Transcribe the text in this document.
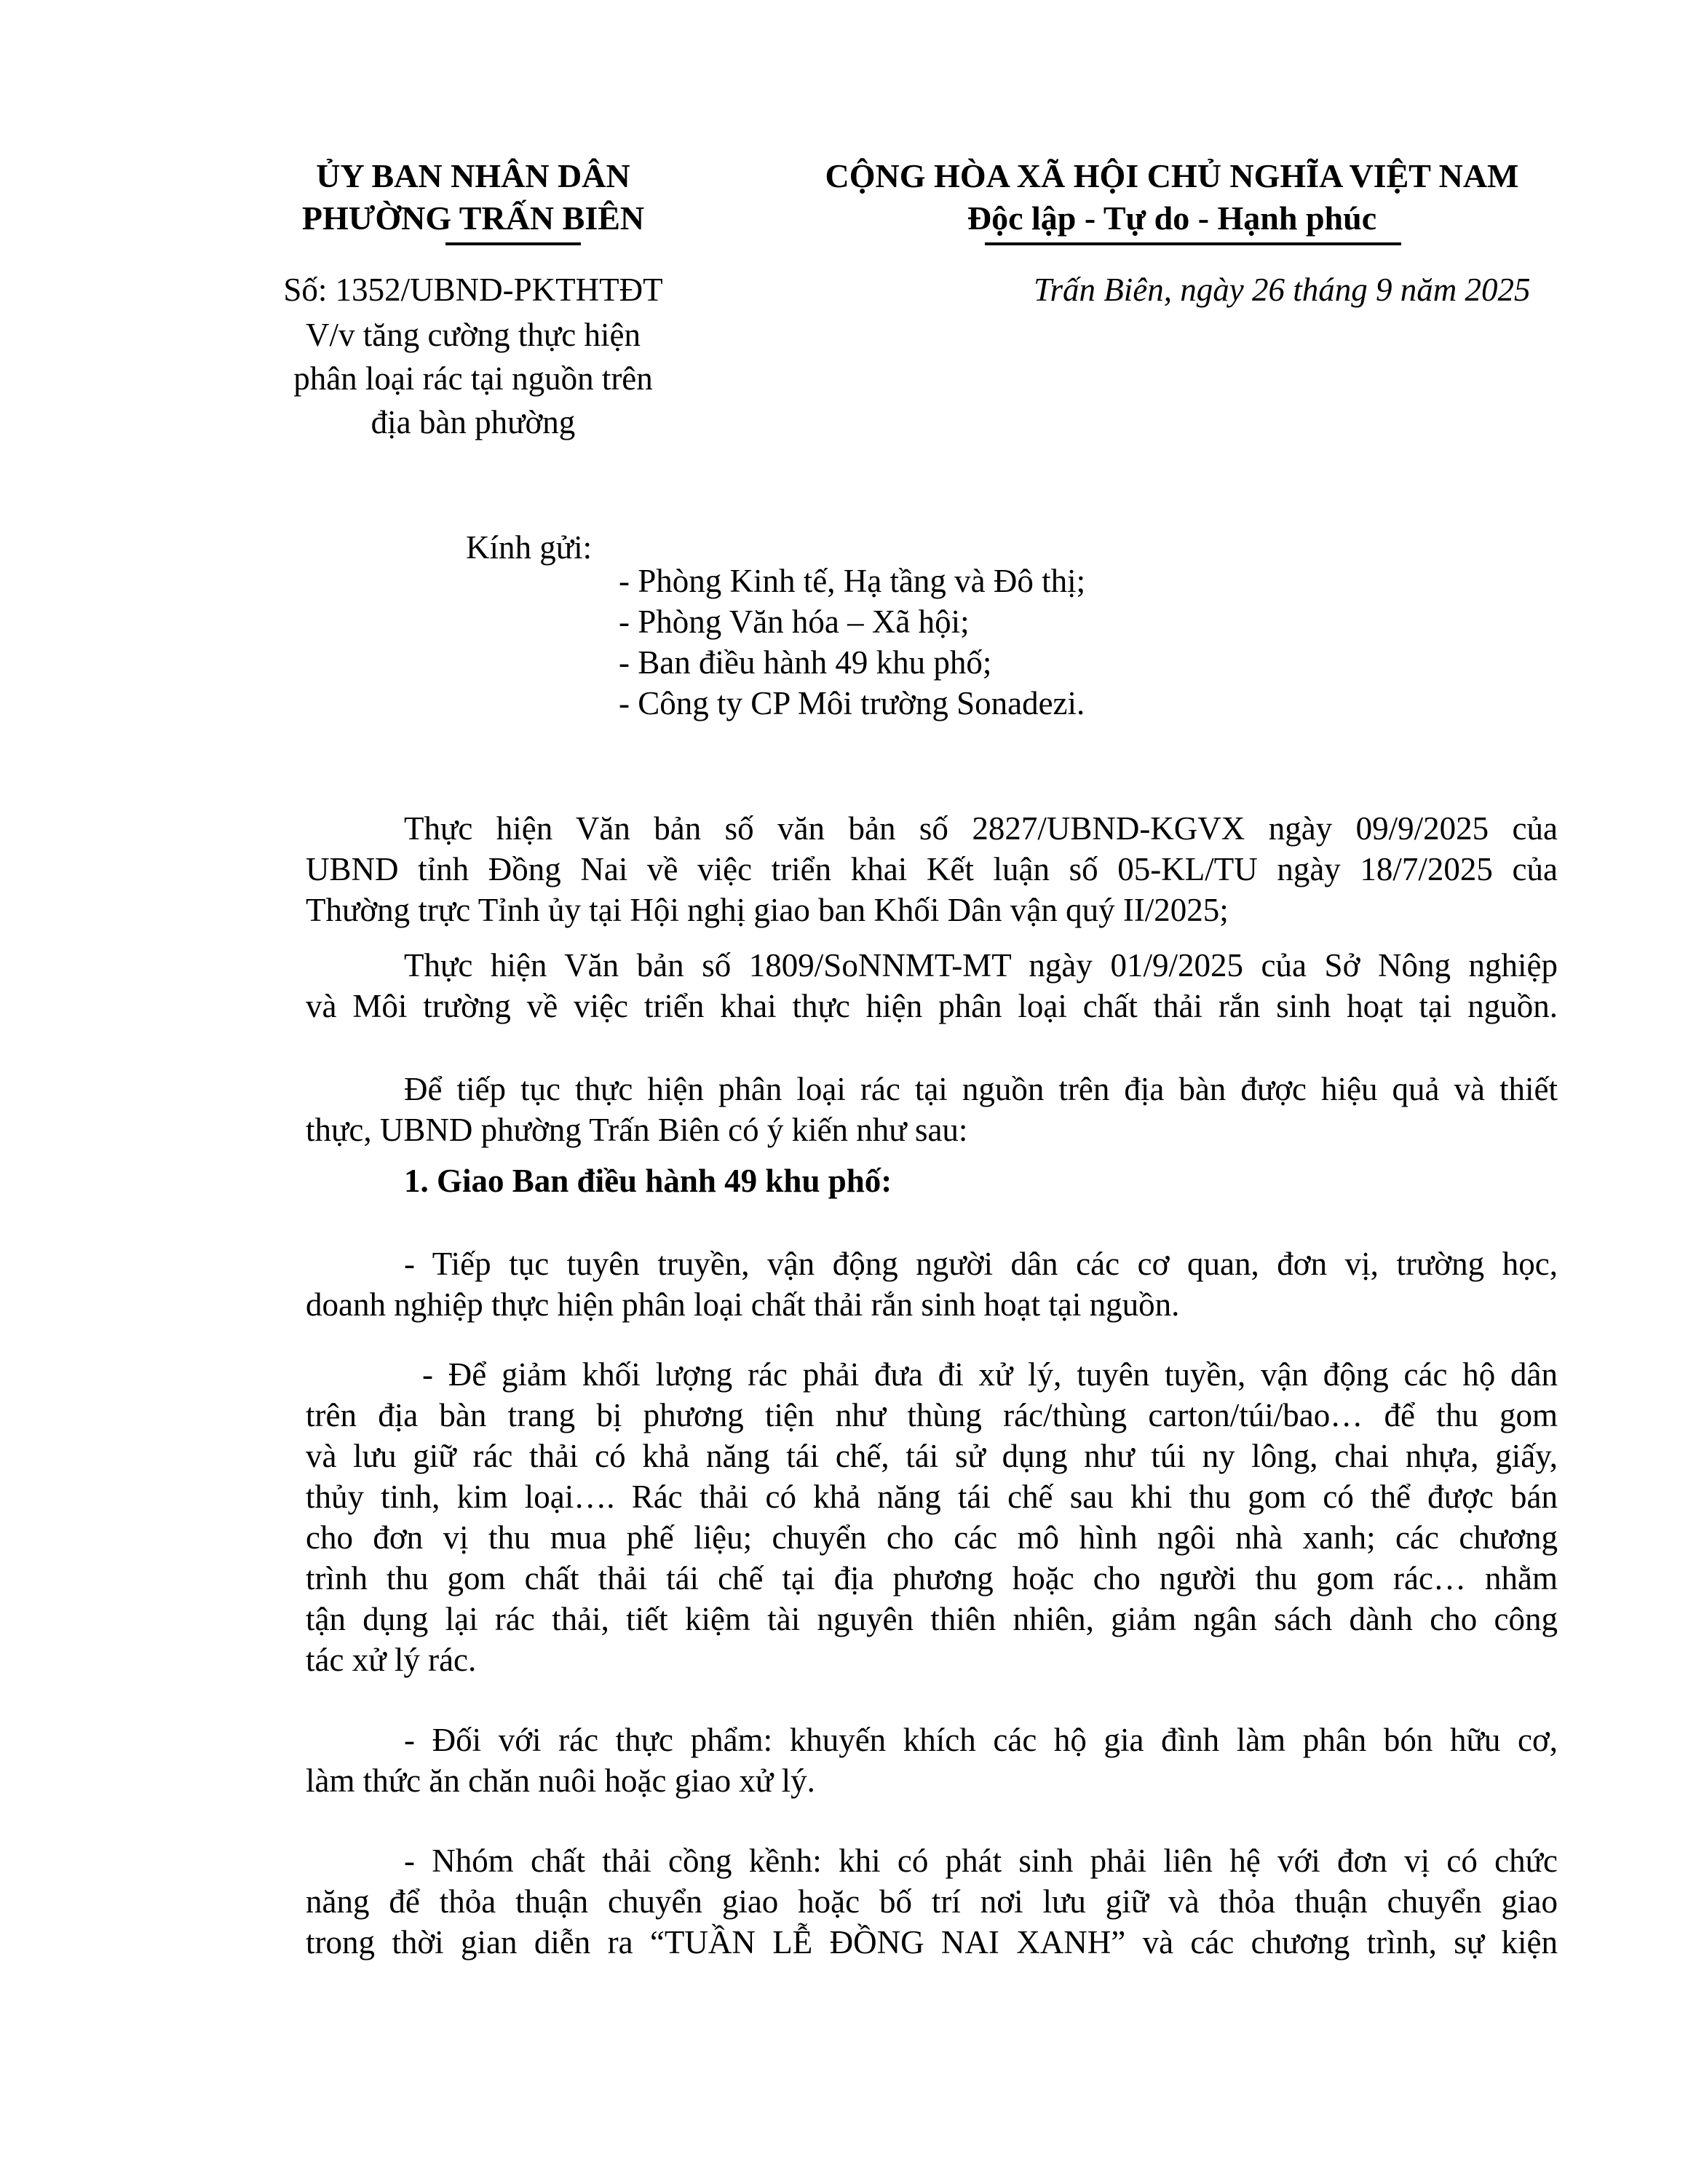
ỦY BAN NHÂN DÂN
PHƯỜNG TRẤN BIÊN
CỘNG HÒA XÃ HỘI CHỦ NGHĨA VIỆT NAM
Độc lập - Tự do - Hạnh phúc
Số: 1352/UBND-PKTHTĐT	Trấn Biên, ngày 26 tháng 9 năm 2025
V/v tăng cường thực hiện
phân loại rác tại nguồn trên
địa bàn phường
Kính gửi:
- Phòng Kinh tế, Hạ tầng và Đô thị;
- Phòng Văn hóa – Xã hội;
- Ban điều hành 49 khu phố;
- Công ty CP Môi trường Sonadezi.
Thực hiện Văn bản số văn bản số 2827/UBND-KGVX ngày 09/9/2025 của
UBND tỉnh Đồng Nai về việc triển khai Kết luận số 05-KL/TU ngày 18/7/2025 của
Thường trực Tỉnh ủy tại Hội nghị giao ban Khối Dân vận quý II/2025;
Thực hiện Văn bản số 1809/SoNNMT-MT ngày 01/9/2025 của Sở Nông nghiệp
và Môi trường về việc triển khai thực hiện phân loại chất thải rắn sinh hoạt tại nguồn.
Để tiếp tục thực hiện phân loại rác tại nguồn trên địa bàn được hiệu quả và thiết
thực, UBND phường Trấn Biên có ý kiến như sau:
1. Giao Ban điều hành 49 khu phố:
- Tiếp tục tuyên truyền, vận động người dân các cơ quan, đơn vị, trường học,
doanh nghiệp thực hiện phân loại chất thải rắn sinh hoạt tại nguồn.
- Để giảm khối lượng rác phải đưa đi xử lý, tuyên tuyền, vận động các hộ dân
trên địa bàn trang bị phương tiện như thùng rác/thùng carton/túi/bao… để thu gom
và lưu giữ rác thải có khả năng tái chế, tái sử dụng như túi ny lông, chai nhựa, giấy,
thủy tinh, kim loại…. Rác thải có khả năng tái chế sau khi thu gom có thể được bán
cho đơn vị thu mua phế liệu; chuyển cho các mô hình ngôi nhà xanh; các chương
trình thu gom chất thải tái chế tại địa phương hoặc cho người thu gom rác… nhằm
tận dụng lại rác thải, tiết kiệm tài nguyên thiên nhiên, giảm ngân sách dành cho công
tác xử lý rác.
- Đối với rác thực phẩm: khuyến khích các hộ gia đình làm phân bón hữu cơ,
làm thức ăn chăn nuôi hoặc giao xử lý.
- Nhóm chất thải cồng kềnh: khi có phát sinh phải liên hệ với đơn vị có chức
năng để thỏa thuận chuyển giao hoặc bố trí nơi lưu giữ và thỏa thuận chuyển giao
trong thời gian diễn ra “TUẦN LỄ ĐỒNG NAI XANH” và các chương trình, sự kiện
